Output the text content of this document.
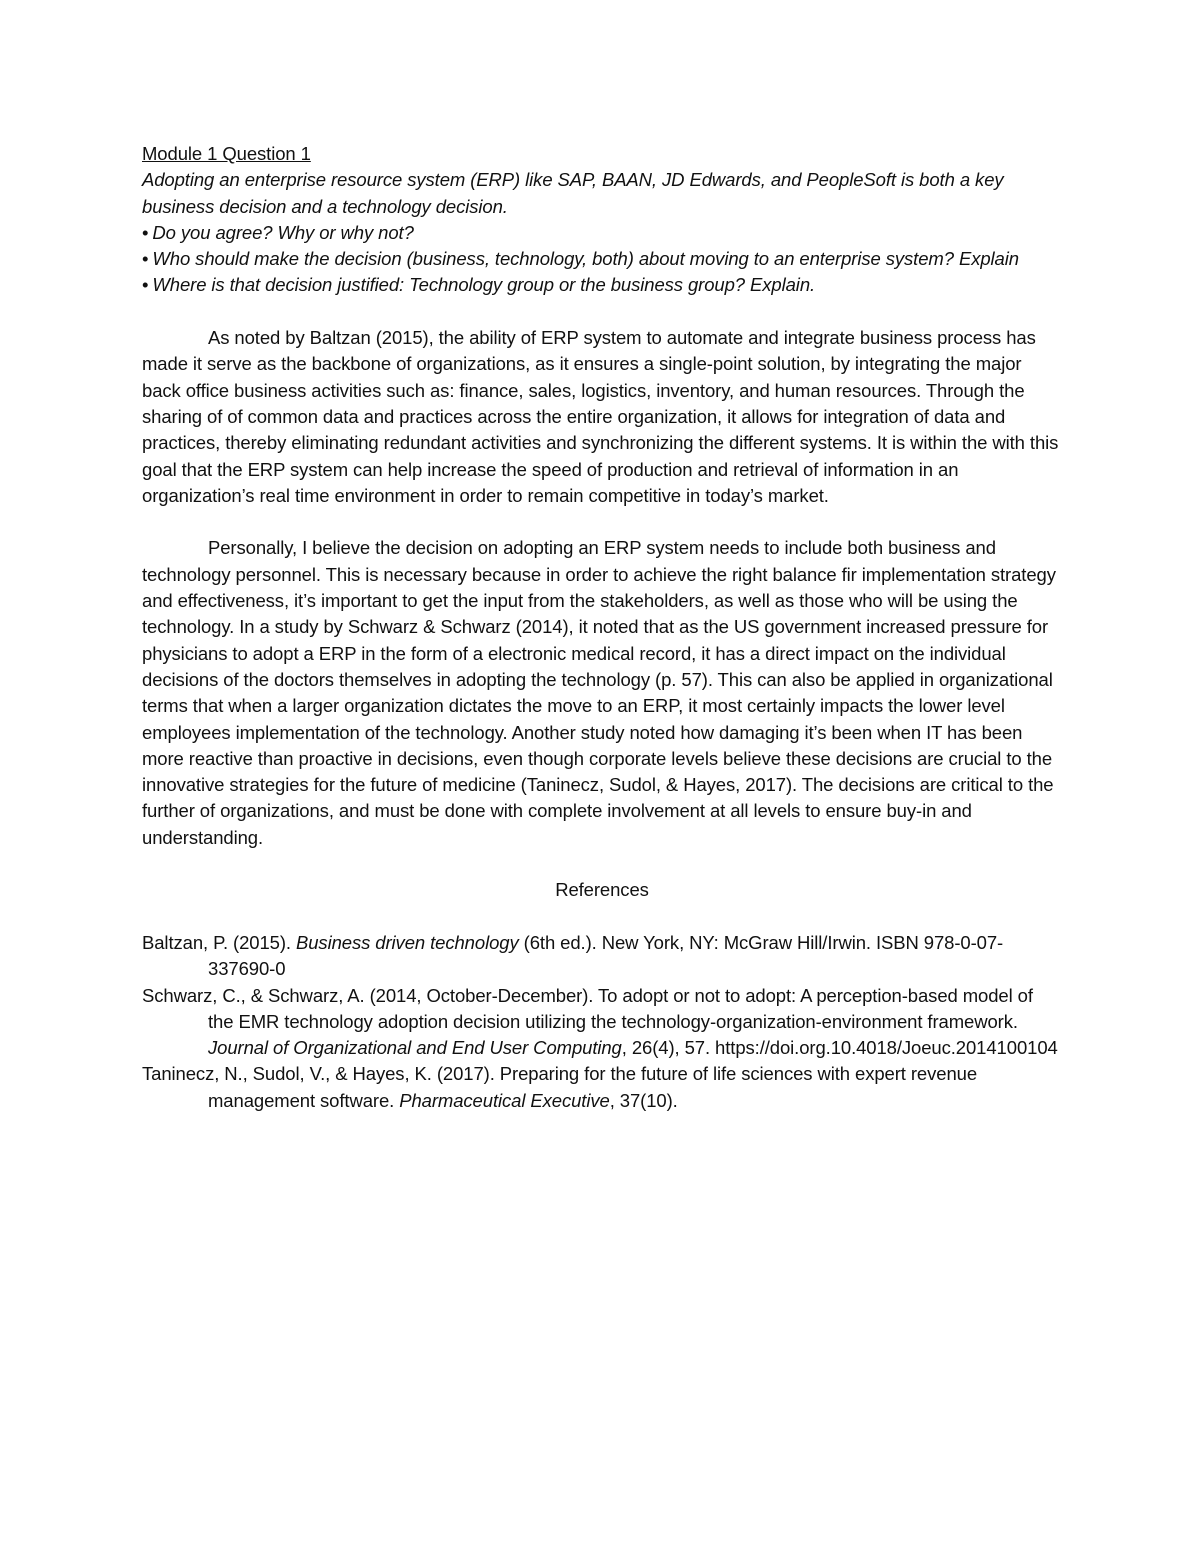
Module 1 Question 1

Adopting an enterprise resource system (ERP) like SAP, BAAN, JD Edwards, and PeopleSoft is both a key business decision and a technology decision.

• Do you agree? Why or why not?

• Who should make the decision (business, technology, both) about moving to an enterprise system? Explain

• Where is that decision justified: Technology group or the business group? Explain.

As noted by Baltzan (2015), the ability of ERP system to automate and integrate business process has made it serve as the backbone of organizations, as it ensures a single-point solution, by integrating the major back office business activities such as: finance, sales, logistics, inventory, and human resources. Through the sharing of of common data and practices across the entire organization, it allows for integration of data and practices, thereby eliminating redundant activities and synchronizing the different systems. It is within the with this goal that the ERP system can help increase the speed of production and retrieval of information in an organization’s real time environment in order to remain competitive in today’s market.

Personally, I believe the decision on adopting an ERP system needs to include both business and technology personnel. This is necessary because in order to achieve the right balance fir implementation strategy and effectiveness, it’s important to get the input from the stakeholders, as well as those who will be using the technology. In a study by Schwarz & Schwarz (2014), it noted that as the US government increased pressure for physicians to adopt a ERP in the form of a electronic medical record, it has a direct impact on the individual decisions of the doctors themselves in adopting the technology (p. 57). This can also be applied in organizational terms that when a larger organization dictates the move to an ERP, it most certainly impacts the lower level employees implementation of the technology. Another study noted how damaging it’s been when IT has been more reactive than proactive in decisions, even though corporate levels believe these decisions are crucial to the innovative strategies for the future of medicine (Taninecz, Sudol, & Hayes, 2017). The decisions are critical to the further of organizations, and must be done with complete involvement at all levels to ensure buy-in and understanding.

References

Baltzan, P. (2015). Business driven technology (6th ed.). New York, NY: McGraw Hill/Irwin. ISBN 978-0-07-337690-0

Schwarz, C., & Schwarz, A. (2014, October-December). To adopt or not to adopt: A perception-based model of the EMR technology adoption decision utilizing the technology-organization-environment framework. Journal of Organizational and End User Computing, 26(4), 57. https://doi.org.10.4018/Joeuc.2014100104

Taninecz, N., Sudol, V., & Hayes, K. (2017). Preparing for the future of life sciences with expert revenue management software. Pharmaceutical Executive, 37(10).
